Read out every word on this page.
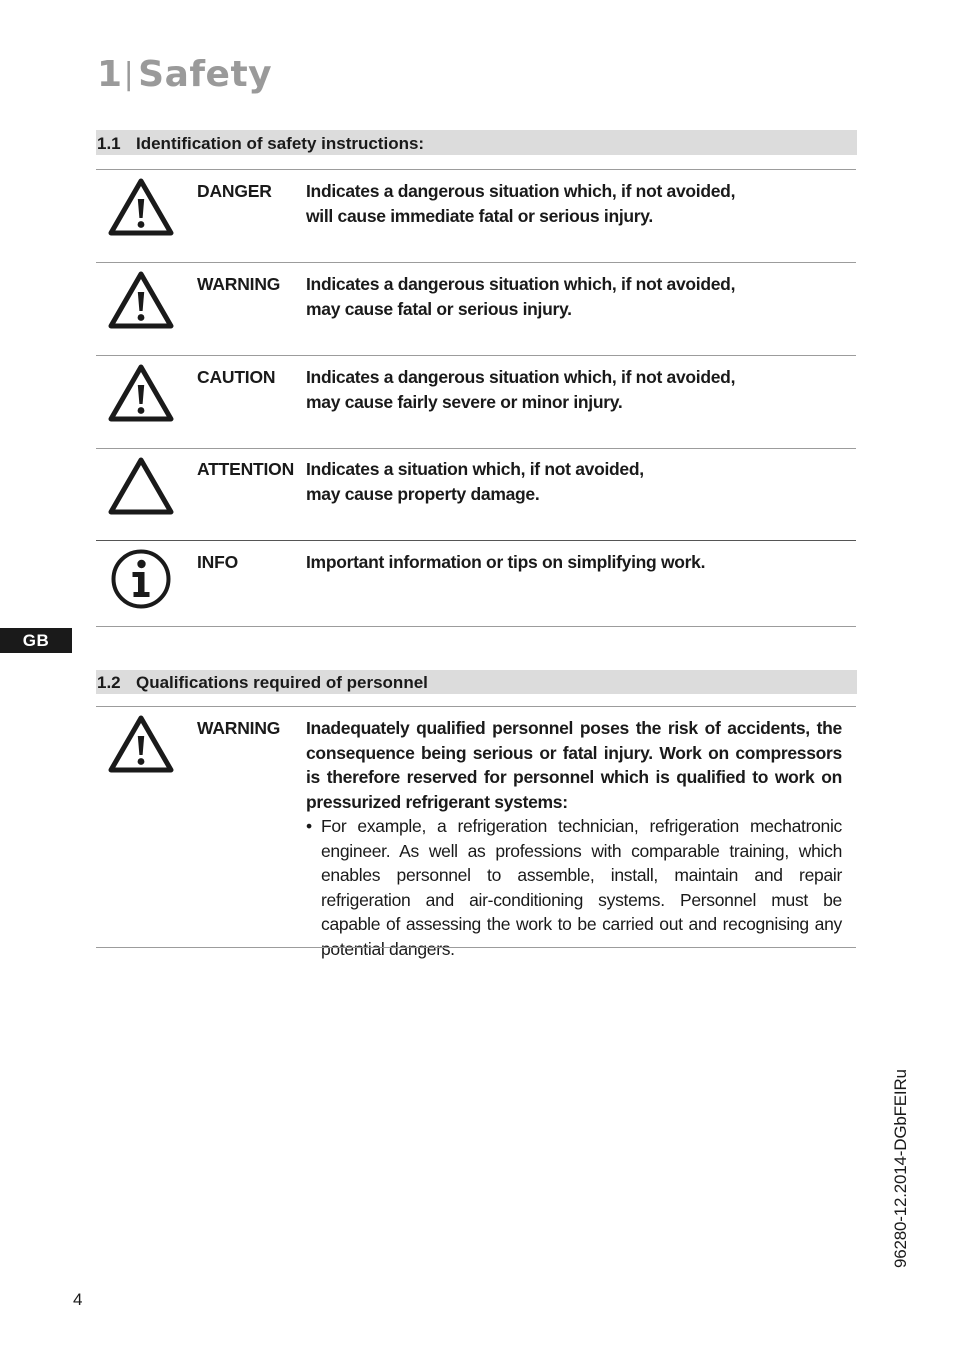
1| Safety
1.1 Identification of safety instructions:
DANGER Indicates a dangerous situation which, if not avoided,
will cause immediate fatal or serious injury.
WARNING Indicates a dangerous situation which, if not avoided,
may cause fatal or serious injury.
CAUTION Indicates a dangerous situation which, if not avoided,
may cause fairly severe or minor injury.
ATTENTION Indicates a situation which, if not avoided,
may cause property damage.
INFO	Important information or tips on simplifying work.
GB
1.2 Qualifications required of personnel
WARNING Inadequately qualified personnel poses the risk of accidents, the consequence being serious or fatal injury. Work on compressors is therefore reserved for personnel which is qualified to work on pressurized refrigerant systems:

• For example, a refrigeration technician, refrigeration mechatronic engineer. As well as professions with comparable training, which enables personnel to assemble, install, maintain and repair refrigeration and air-conditioning systems. Personnel must be capable of assessing the work to be carried out and recognising any potential dangers.

96280-12.2014-DGbFEIRu
4
